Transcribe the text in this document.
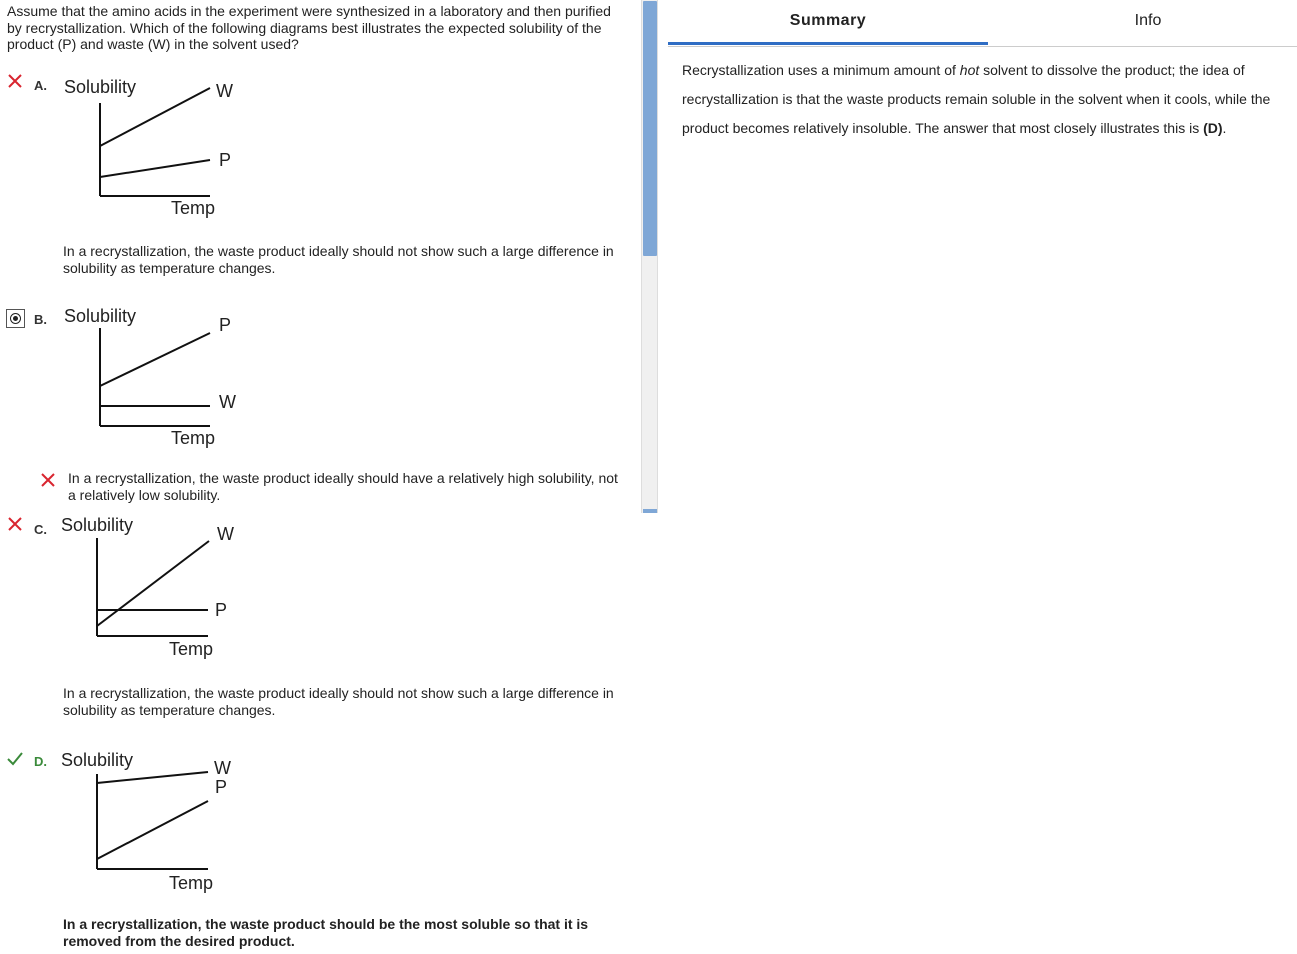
Assume that the amino acids in the experiment were synthesized in a laboratory and then purified by recrystallization. Which of the following diagrams best illustrates the expected solubility of the product (P) and waste (W) in the solvent used?
A. Solubility	W
P
Temp
In a recrystallization, the waste product ideally should not show such a large difference in solubility as temperature changes.
B. Solubility	P
W
Temp
In a recrystallization, the waste product ideally should have a relatively high solubility, not a relatively low solubility.
C. Solubility	W
P
Temp
In a recrystallization, the waste product ideally should not show such a large difference in solubility as temperature changes.
D. Solubility	W
P
Temp
In a recrystallization, the waste product should be the most soluble so that it is removed from the desired product.
Summary	Info
Recrystallization uses a minimum amount of hot solvent to dissolve the product; the idea of recrystallization is that the waste products remain soluble in the solvent when it cools, while the product becomes relatively insoluble. The answer that most closely illustrates this is (D).
